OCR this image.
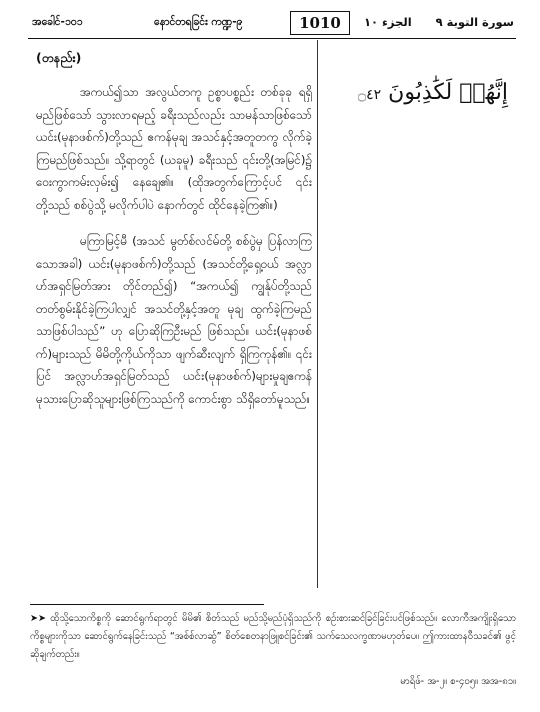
အခေါင်-၁၀၁	နောင်တရခြင်း ကဏ္ဍ-၉	1010	الجزء ١٠ سورة التوبة ٩
(တနည်း)

အကယ်၍သာ အလွယ်တကူ ဥစ္စာပစ္စည်း တစ်ခုခု ရရှိမည်ဖြစ်သော် သွားလာရမည့် ခရီးသည်လည်း သာမန်သာဖြစ်သော် ယင်း(မုနာဖစ်က်)တို့သည် ဧကန်မုချ အသင်နှင့်အတူတကွ လိုက်ခဲ့ကြမည်ဖြစ်သည်။ သို့ရာတွင် (ယခုမူ) ခရီးသည် ၎င်းတို့(အမြင်)၌ ဝေးကွာကမ်းလှမ်း၍ နေချေ၏။ (ထိုအတွက်ကြောင့်ပင် ၎င်းတို့သည် စစ်ပွဲသို့ မလိုက်ပါပဲ နောက်တွင် ထိုင်နေခဲ့ကြ၏။)

မကြာမြင့်မီ (အသင် မွတ်စ်လင်မ်တို့ စစ်ပွဲမှ ပြန်လာကြသောအခါ) ယင်း(မုနာဖစ်က်)တို့သည် (အသင်တို့ရှေ့ဝယ် အလ္လာဟ်အရှင်မြတ်အား တိုင်တည်၍) “အကယ်၍ ကျွန်ုပ်တို့သည် တတ်စွမ်းနိုင်ခဲ့ကြပါလျှင် အသင်တို့နှင့်အတူ မုချ ထွက်ခဲ့ကြမည်သာဖြစ်ပါသည်” ဟု ပြောဆိုကြဦးမည် ဖြစ်သည်။ ယင်း(မုနာဖစ်က်)များသည် မိမိတို့ကိုယ်ကိုသာ ဖျက်ဆီးလျက် ရှိကြကုန်၏။ ၎င်းပြင် အလ္လာဟ်အရှင်မြတ်သည် ယင်း(မုနာဖစ်က်)များမှုချဧကန် မုသားပြောဆိုသူများဖြစ်ကြသည်ကို ကောင်းစွာ သိရှိတော်မူသည်။

إِنَّهُمۡ لَكَٰذِبُونَ ۝٤٢
➤➤ ထိုသို့သောကိစ္စကို ဆောင်ရွက်ရာတွင် မိမိ၏ စိတ်သည် မည်သို့မည်ပုံရှိသည်ကို စဉ်းစားဆင်ခြင်ခြင်းပင်ဖြစ်သည်။ လောကီအကျိုးရှိသော ကိစ္စများကိုသာ ဆောင်ရွက်နေခြင်းသည် “အစ်စ်လာဆွ်” စိတ်စေတနာဖြူစင်ခြင်း၏ သက်သေလက္ခဏာမဟုတ်ပေ။ ဤကားထာနဝီသခင်၏ ဖွင့်ဆိုချက်တည်း။
မာရိဖ်- အ-၂။ စ-၄၀၅။ အအ-၈၁။
